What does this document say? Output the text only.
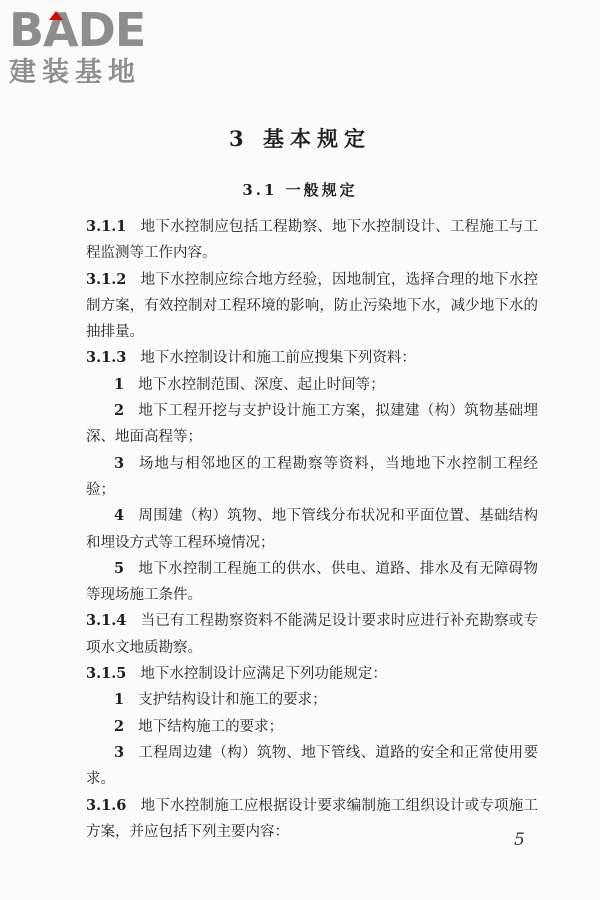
BADE
建装基地
3 基本规定
3.1 一般规定

3.1.1 地下水控制应包括工程勘察、地下水控制设计、工程施工与工程监测等工作内容。

3.1.2 地下水控制应综合地方经验，因地制宜，选择合理的地下水控制方案，有效控制对工程环境的影响，防止污染地下水，减少地下水的抽排量。

3.1.3 地下水控制设计和施工前应搜集下列资料：

1 地下水控制范围、深度、起止时间等；

2 地下工程开挖与支护设计施工方案，拟建建（构）筑物基础埋深、地面高程等；

3 场地与相邻地区的工程勘察等资料，当地地下水控制工程经验；

4 周围建（构）筑物、地下管线分布状况和平面位置、基础结构和埋设方式等工程环境情况；

5 地下水控制工程施工的供水、供电、道路、排水及有无障碍物等现场施工条件。

3.1.4 当已有工程勘察资料不能满足设计要求时应进行补充勘察或专项水文地质勘察。

3.1.5 地下水控制设计应满足下列功能规定：

1 支护结构设计和施工的要求；

2 地下结构施工的要求；

3 工程周边建（构）筑物、地下管线、道路的安全和正常使用要求。

3.1.6 地下水控制施工应根据设计要求编制施工组织设计或专项施工方案，并应包括下列主要内容：	5
